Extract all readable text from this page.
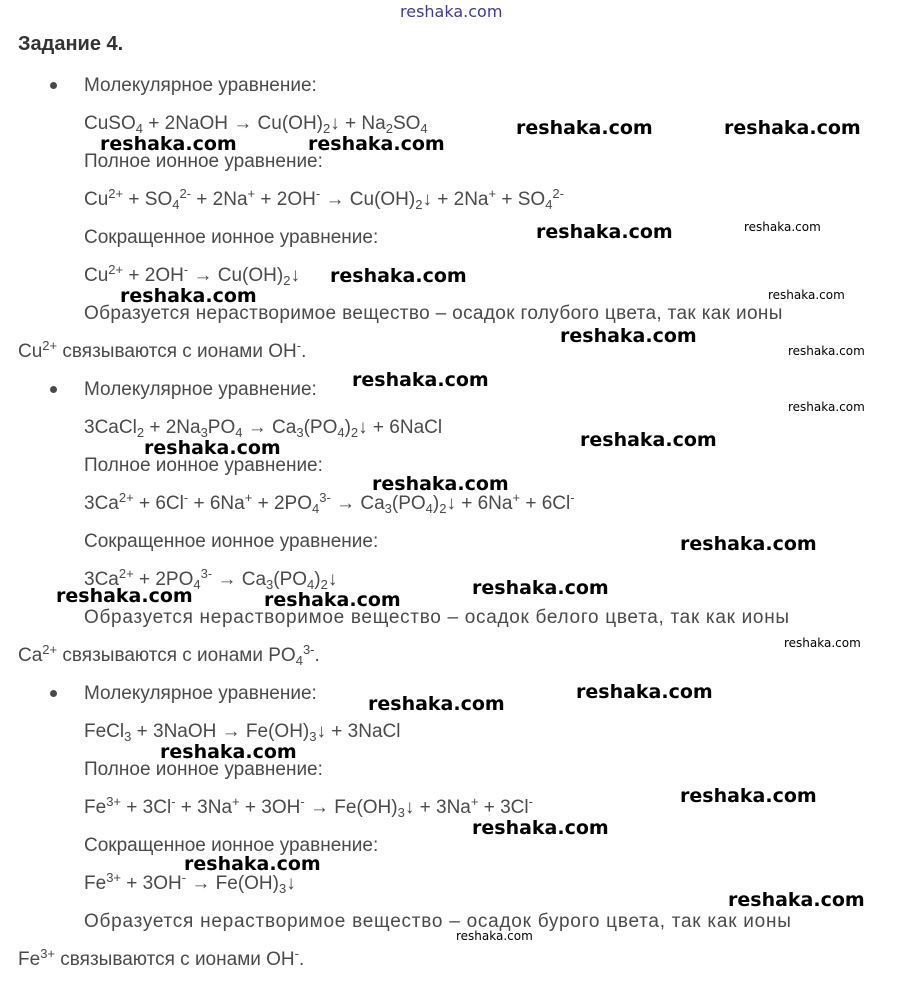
reshaka.com
Задание 4.
Молекулярное уравнение:
CuSO$_4$ + 2NaOH → $Cu(OH)_2↓ + Na_2SO_4$
Полное ионное уравнение:
$Cu^{2+} + SO_4^{2-} + 2Na^+ + 2OH^-$ → $Cu(OH)_2↓ + 2Na^+ + SO_4^{2-}$
Сокращенное ионное уравнение:
$Cu^{2+} + 2OH^-$ → $Cu(OH)_2↓$
Образуется нерастворимое вещество – осадок голубого цвета, так как ионы
$Cu^{2+}$ связываются с ионами OH-.
Молекулярное уравнение:
3CaCl$_2$ + $2Na_3PO_4$ → $Ca_3(PO_4)_2↓$ + 6NaCl
Полное ионное уравнение:
$3Ca^{2+} + 6Cl^- + 6Na^+ + 2PO_4^{3-}$ → $Ca_3(PO_4)_2↓ + 6Na^+ + 6Cl^-$
Сокращенное ионное уравнение:
$3Ca^{2+} + 2PO_4^{3-}$ → $Ca_3(PO_4)_2↓$
Образуется нерастворимое вещество – осадок белого цвета, так как ионы
$Ca^{2+}$ связываются с ионами $PO_4^{3-}$.
Молекулярное уравнение:
FeCl$_3$ + 3NaOH → $Fe(OH)_3↓$ + 3NaCl
Полное ионное уравнение:
$Fe^{3+} + 3Cl^- + 3Na^+ + 3OH^-$ → $Fe(OH)_3↓ + 3Na^+ + 3Cl^-$
Сокращенное ионное уравнение:
$Fe^{3+} + 3OH^-$ → $Fe(OH)_3↓$
Образуется нерастворимое вещество – осадок бурого цвета, так как ионы
$Fe^{3+}$ связываются с ионами OH-.
reshaka.com	reshaka.com
reshaka.com	reshaka.com
reshaka.com	reshaka.com
reshaka.com
reshaka.com	reshaka.com
reshaka.com
reshaka.com
reshaka.com
reshaka.com
reshaka.com
reshaka.com
reshaka.com
reshaka.com
reshaka.com
reshaka.com	reshaka.com
reshaka.com
reshaka.com
reshaka.com
reshaka.com
reshaka.com
reshaka.com
reshaka.com
reshaka.com
reshaka.com
